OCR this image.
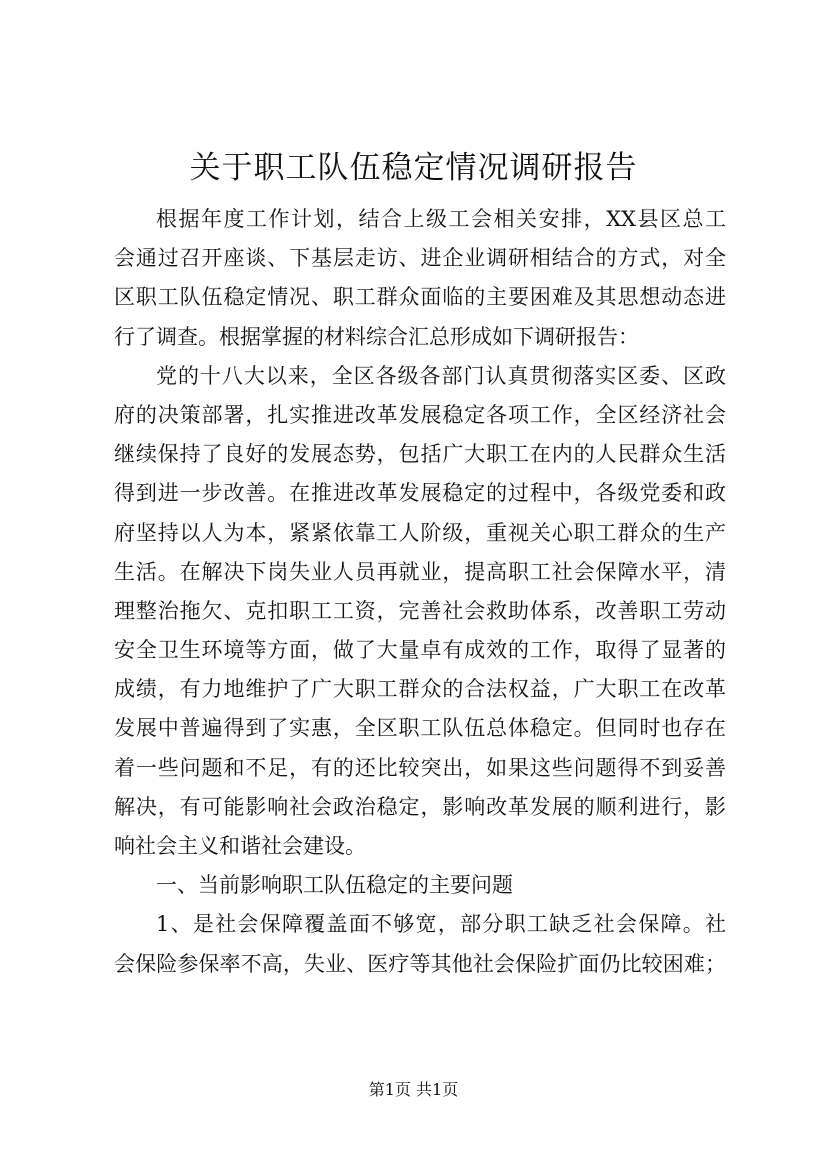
关于职工队伍稳定情况调研报告
根据年度工作计划，结合上级工会相关安排，XX县区总工
会通过召开座谈、下基层走访、进企业调研相结合的方式，对全
区职工队伍稳定情况、职工群众面临的主要困难及其思想动态进
行了调查。根据掌握的材料综合汇总形成如下调研报告：
党的十八大以来，全区各级各部门认真贯彻落实区委、区政
府的决策部署，扎实推进改革发展稳定各项工作，全区经济社会
继续保持了良好的发展态势，包括广大职工在内的人民群众生活
得到进一步改善。在推进改革发展稳定的过程中，各级党委和政
府坚持以人为本，紧紧依靠工人阶级，重视关心职工群众的生产
生活。在解决下岗失业人员再就业，提高职工社会保障水平，清
理整治拖欠、克扣职工工资，完善社会救助体系，改善职工劳动
安全卫生环境等方面，做了大量卓有成效的工作，取得了显著的
成绩，有力地维护了广大职工群众的合法权益，广大职工在改革
发展中普遍得到了实惠，全区职工队伍总体稳定。但同时也存在
着一些问题和不足，有的还比较突出，如果这些问题得不到妥善
解决，有可能影响社会政治稳定，影响改革发展的顺利进行，影
响社会主义和谐社会建设。
一、当前影响职工队伍稳定的主要问题
1、是社会保障覆盖面不够宽，部分职工缺乏社会保障。社
会保险参保率不高，失业、医疗等其他社会保险扩面仍比较困难；
第1页 共1页
